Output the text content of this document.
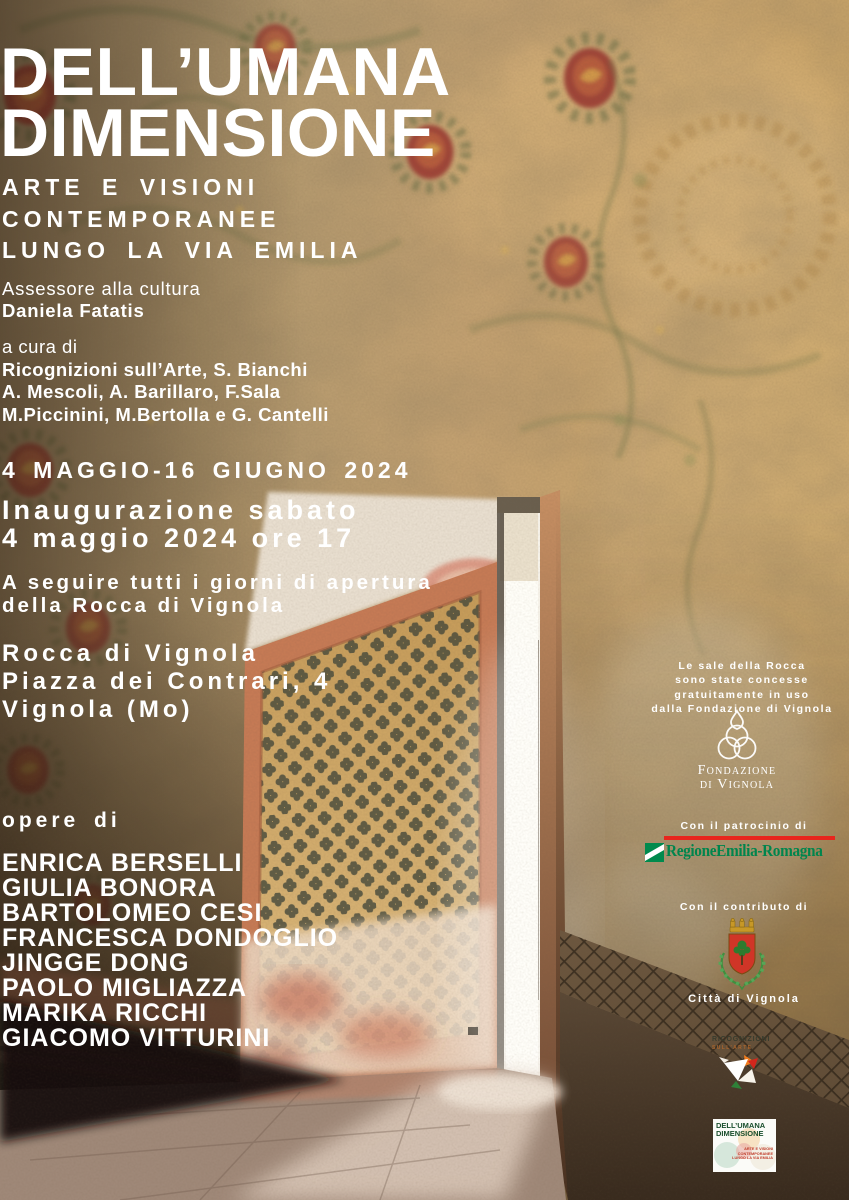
DELL’UMANA
DIMENSIONE
ARTE E VISIONI
CONTEMPORANEE
LUNGO LA VIA EMILIA
Assessore alla cultura
Daniela Fatatis
a cura di
Ricognizioni sull’Arte, S. Bianchi
A. Mescoli, A. Barillaro, F.Sala
M.Piccinini, M.Bertolla e G. Cantelli
4 MAGGIO-16 GIUGNO 2024
Inaugurazione sabato
4 maggio 2024 ore 17
A seguire tutti i giorni di apertura
della Rocca di Vignola
Rocca di Vignola
Piazza dei Contrari, 4
Vignola (Mo)
opere di
ENRICA BERSELLI
GIULIA BONORA
BARTOLOMEO CESI
FRANCESCA DONDOGLIO
JINGGE DONG
PAOLO MIGLIAZZA
MARIKA RICCHI
GIACOMO VITTURINI
Le sale della Rocca
sono state concesse
gratuitamente in uso
dalla Fondazione di Vignola
Fondazione
di Vignola
Con il patrocinio di
RegioneEmilia-Romagna
Con il contributo di
Città di Vignola
RICOGNIZIONI
SULL’ARTE
DELL’UMANA
DIMENSIONE
ARTE E VISIONI
CONTEMPORANEE
LUNGO LA VIA EMILIA
